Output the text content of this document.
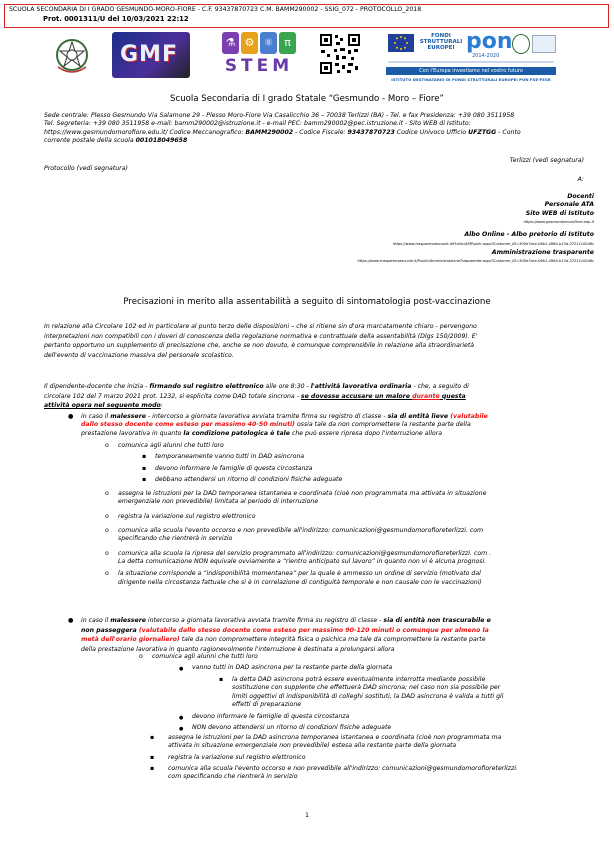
SCUOLA SECONDARIA DI I GRADO GESMUNDO-MORO-FIORE - C.F. 93437870723 C.M. BAMM290002 - SSIG_072 - PROTOCOLLO_2018
Prot. 0001311/U del 10/03/2021 22:12
GMF	⚗ ⚙ ⚛ π
STEM
FONDI
STRUTTURALI
EUROPEI pon
2014-2020
Con l'Europa investiamo nel vostro futuro
ISTITUTO DESTINATARIO DI FONDI STRUTTURALI EUROPEI PON FSE-FESR
Scuola Secondaria di I grado Statale “Gesmundo - Moro – Fiore”
Sede centrale: Plesso Gesmundo Via Salamone 29 - Plesso Moro-Fiore Via Casalicchio 36 – 70038 Terlizzi (BA) - Tel. e fax Presidenza: +39 080 3511958
Tel. Segreteria: +39 080 3511958 e-mail: bamm290002@istruzione.it - e-mail PEC: bamm290002@pec.istruzione.it - Sito WEB di Istituto:
https://www.gesmundomorofiore.edu.it/ Codice Meccanografico: BAMM290002 - Codice Fiscale: 93437870723 Codice Univoco Ufficio UFZTGG - Conto
corrente postale della scuola 001018049658
Terlizzi (vedi segnatura)
Protocollo (vedi segnatura)
A:
Docenti
Personale ATA
Sito WEB di Istituto
https://www.gesmundomorofiore.edu.it
Albo Online - Albo pretorio di Istituto
https://www.trasparenzascuole.it/Public/APJPublic.aspx?Customer_ID=300e7ace-06b1-496b-b13d-37211c52d6c
Amministrazione trasparente
https://www.trasparenzascuole.it/Public/AmministrazioneTrasparente.aspx?Customer_ID=300e7ace-06b1-496b-b13d-37211c52d6c
Precisazioni in merito alla assentabilità a seguito di sintomatologia post-vaccinazione
In relazione alla Circolare 102 ed in particolare al punto terzo delle disposizioni – che si ritiene sin d'ora marcatamente chiaro - pervengono
interpretazioni non compatibili con i doveri di conoscenza della regolazione normativa e contrattuale della assentabilità (Dlgs 150/2009). E'
pertanto opportuno un supplemento di precisazione che, anche se non dovuto, è comunque comprensibile in relazione alla straordinarietà
dell'evento di vaccinazione massiva del personale scolastico.
Il dipendente-docente che inizia - firmando sul registro elettronico alle ore 8:30 - l'attività lavorativa ordinaria - che, a seguito di
circolare 102 del 7 marzo 2021 prot. 1232, si esplicita come DAD totale sincrona - se dovesse accusare un malore durante questa
attività opera nel seguente modo:
● in caso il malessere - intercorso a giornata lavorativa avviata tramite firma su registro di classe - sia di entità lieve (valutabile
dallo stesso docente come esteso per massimo 40-50 minuti) ossia tale da non compromettere la restante parte della
prestazione lavorativa in quanto la condizione patologica è tale che può essere ripresa dopo l'interruzione allora
o comunica agli alunni che tutti loro
▪ temporaneamente vanno tutti in DAD asincrona
▪ devono informare le famiglie di questa circostanza
▪ debbano attendersi un ritorno di condizioni fisiche adeguate
o assegna le istruzioni per la DAD temporanea istantanea e coordinata (cioè non programmata ma attivata in situazione
emergenziale non prevedibile) limitata al periodo di interruzione
o registra la variazione sul registro elettronico
o comunica alla scuola l'evento occorso e non prevedibile all'indirizzo: comunicazioni@gesmundomorofioreterlizzi. com
specificando che rientrerà in servizio
o comunica alla scuola la ripresa del servizio programmato all'indirizzo: comunicazioni@gesmundomorofioreterlizzi. com .
La detta comunicazione NON equivale ovviamente a “rientro anticipato sul lavoro” in quanto non vi è alcuna prognosi.
o la situazione corrisponde a “indisponibilità momentanea” per la quale è ammesso un ordine di servizio (motivato dal
dirigente nella circostanza fattuale che si è in correlazione di contiguità temporale e non causale con le vaccinazioni)
● in caso il malessere intercorso a giornata lavorativa avviata tramite firma su registro di classe - sia di entità non trascurabile e
non passeggera (valutabile dallo stesso docente come esteso per massimo 90-120 minuti o comunque per almeno la
metà dell'orario giornaliero) tale da non compromettere integrità fisica o psichica ma tale da compromettere la restante parte
della prestazione lavorativa in quanto ragionevolmente l'interruzione è destinata a prolungarsi allora
o comunica agli alunni che tutti loro
● vanno tutti in DAD asincrona per la restante parte della giornata
▪ la detta DAD asincrona potrà essere eventualmente interrotta mediante possibile
sostituzione con supplente che effettuerà DAD sincrona; nel caso non sia possibile per
limiti oggettivi di indisponibilità di colleghi sostituti, la DAD asincrona è valida a tutti gli
effetti di preparazione
● devono informare le famiglie di questa circostanza
● NON devono attendersi un ritorno di condizioni fisiche adeguate
▪ assegna le istruzioni per la DAD asincrona temporanea istantanea e coordinata (cioè non programmata ma
attivata in situazione emergenziale non prevedibile) estesa alla restante parte della giornata
▪ registra la variazione sul registro elettronico
▪ comunica alla scuola l'evento occorso e non prevedibile all'indirizzo: comunicazioni@gesmundomorofioreterlizzi.
com specificando che rientrerà in servizio
1
